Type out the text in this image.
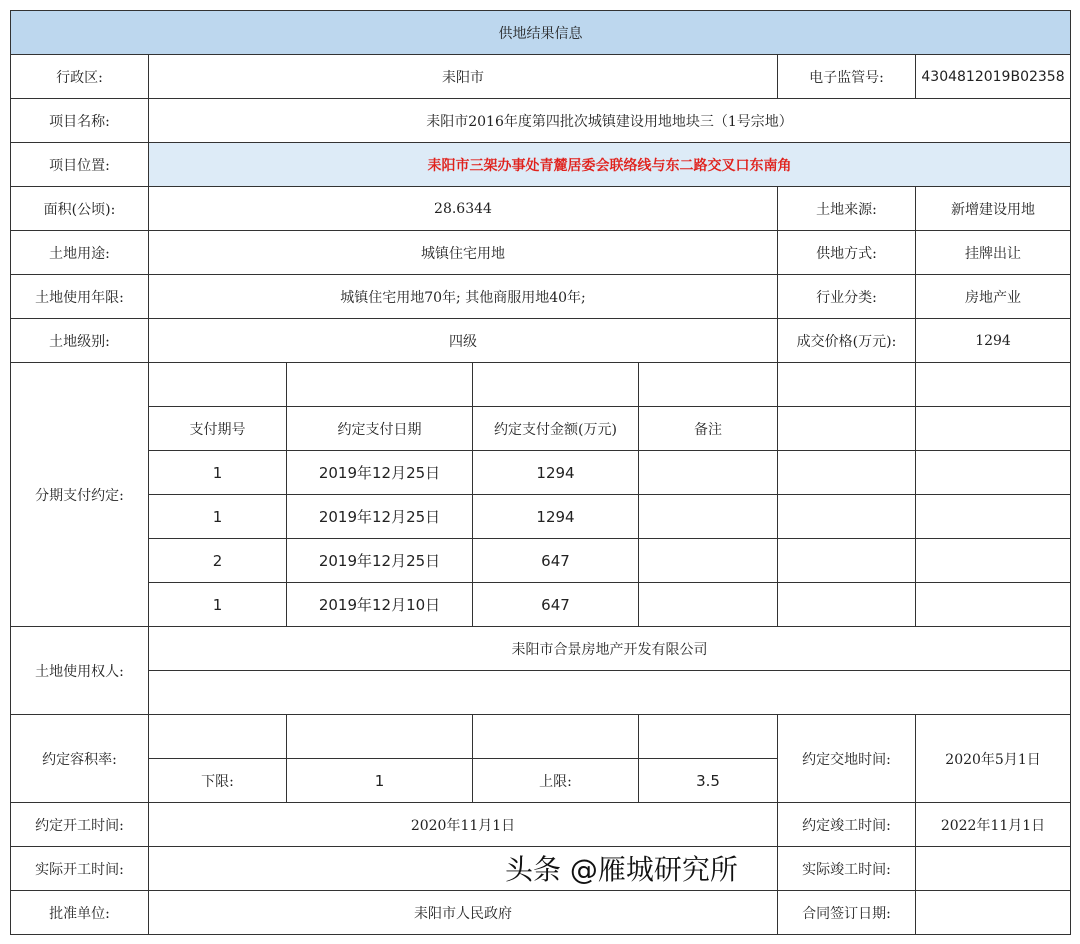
供地结果信息						
行政区:	耒阳市				电子监管号:	4304812019B02358
项目名称:	耒阳市2016年度第四批次城镇建设用地地块三（1号宗地）					
项目位置:	耒阳市三架办事处青麓居委会联络线与东二路交叉口东南角					
面积(公顷):	28.6344				土地来源:	新增建设用地
土地用途:	城镇住宅用地				供地方式:	挂牌出让
土地使用年限:	城镇住宅用地70年; 其他商服用地40年;				行业分类:	房地产业
土地级别:	四级				成交价格(万元):	1294
分期支付约定:						
	支付期号	约定支付日期	约定支付金额(万元)	备注		
	1	2019年12月25日	1294			
	1	2019年12月25日	1294			
	2	2019年12月25日	647			
	1	2019年12月10日	647			
土地使用权人:	耒阳市合景房地产开发有限公司					

约定容积率:					约定交地时间:	2020年5月1日
	下限:	1	上限:	3.5		
约定开工时间:	2020年11月1日				约定竣工时间:	2022年11月1日
实际开工时间:					实际竣工时间:	
批准单位:	耒阳市人民政府				合同签订日期:	
头条 @雁城研究所
